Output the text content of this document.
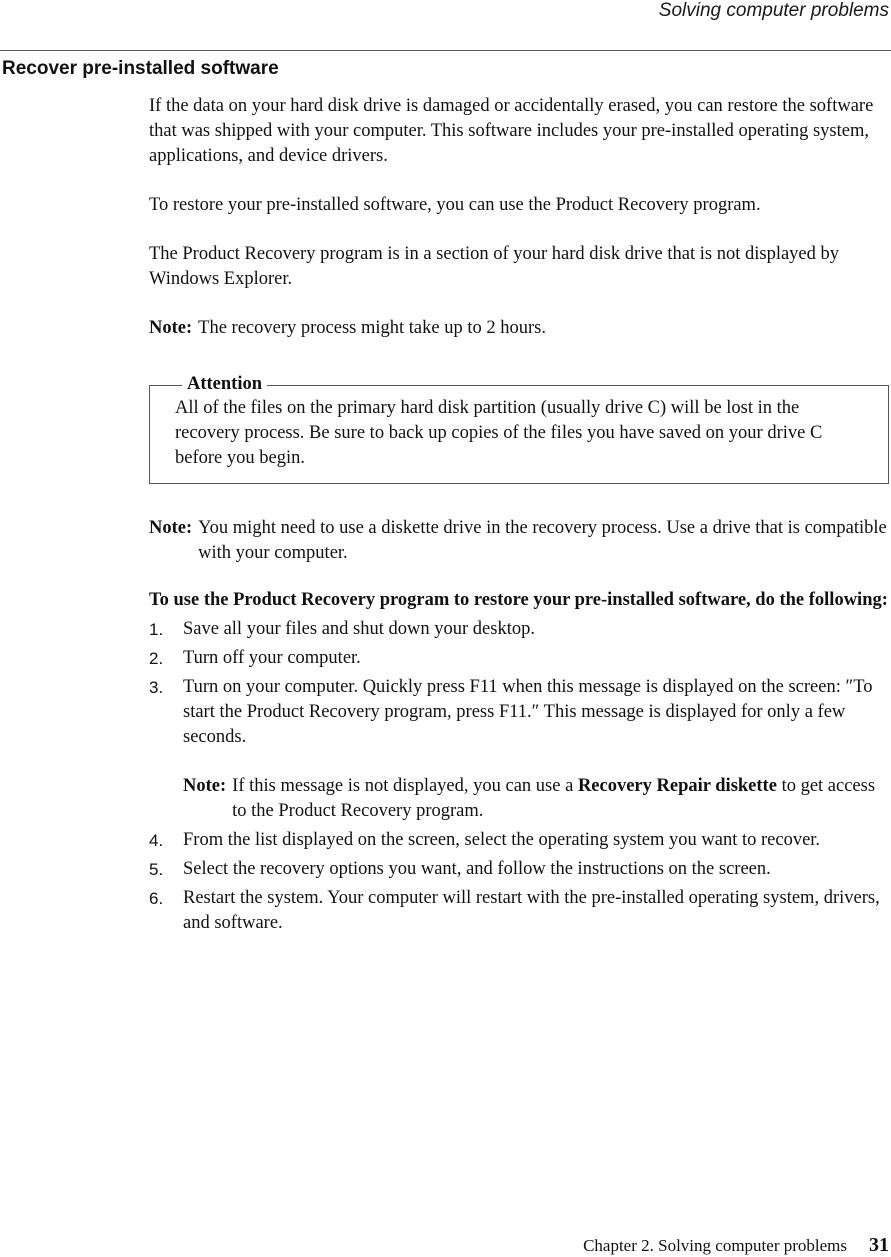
Solving computer problems
Recover pre-installed software

If the data on your hard disk drive is damaged or accidentally erased, you can restore the software that was shipped with your computer. This software includes your pre-installed operating system, applications, and device drivers.

To restore your pre-installed software, you can use the Product Recovery program.

The Product Recovery program is in a section of your hard disk drive that is not displayed by Windows Explorer.

Note: The recovery process might take up to 2 hours.
Attention

All of the files on the primary hard disk partition (usually drive C) will be lost in the recovery process. Be sure to back up copies of the files you have saved on your drive C before you begin.

Note: You might need to use a diskette drive in the recovery process. Use a drive that is compatible with your computer.

To use the Product Recovery program to restore your pre-installed software, do the following:

1.	Save all your files and shut down your desktop.
2.	Turn off your computer.
3.	Turn on your computer. Quickly press F11 when this message is displayed on the screen: ″To start the Product Recovery program, press F11.″ This message is displayed for only a few seconds.
Note: If this message is not displayed, you can use a Recovery Repair diskette to get access to the Product Recovery program.
4.	From the list displayed on the screen, select the operating system you want to recover.
5.	Select the recovery options you want, and follow the instructions on the screen.
6.	Restart the system. Your computer will restart with the pre-installed operating system, drivers, and software.
Chapter 2. Solving computer problems 31
